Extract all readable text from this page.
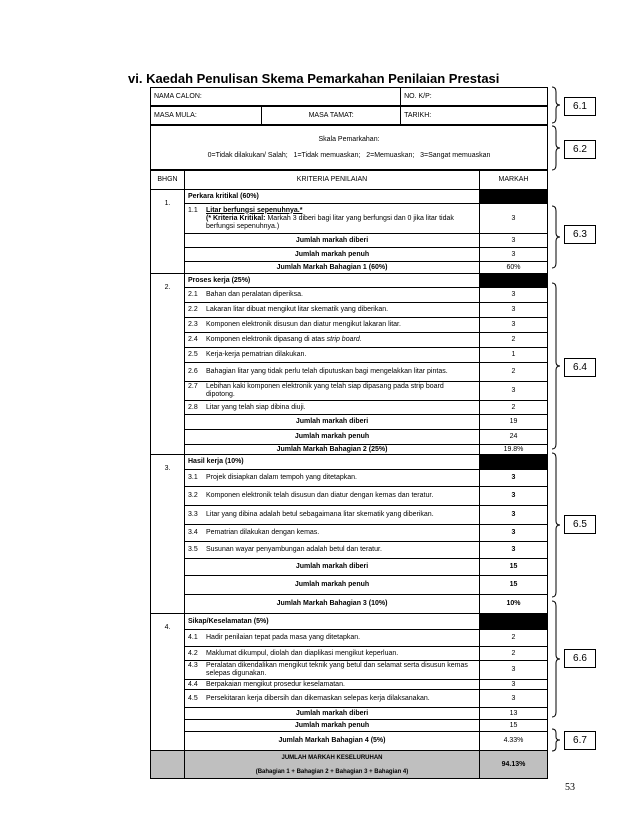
vi. Kaedah Penulisan Skema Pemarkahan Penilaian Prestasi
NAMA CALON:	NO. K/P:
MASA MULA:	MASA TAMAT:	TARIKH:
Skala Pemarkahan:
0=Tidak dilakukan/ Salah;   1=Tidak memuaskan;   2=Memuaskan;   3=Sangat memuaskan
BHGN	KRITERIA PENILAIAN	MARKAH
1.	Perkara kritikal (60%)	
	1.1 Litar berfungsi sepenuhnya.*
(* Kriteria Kritikal: Markah 3 diberi bagi litar yang berfungsi dan 0 jika litar tidak berfungsi sepenuhnya.)	3
	Jumlah markah diberi	3
	Jumlah markah penuh	3
	Jumlah Markah Bahagian 1 (60%)	60%
2.	Proses kerja (25%)	
	2.1 Bahan dan peralatan diperiksa.	3
	2.2 Lakaran litar dibuat mengikut litar skematik yang diberikan.	3
	2.3 Komponen elektronik disusun dan diatur mengikut lakaran litar.	3
	2.4 Komponen elektronik dipasang di atas strip board.	2
	2.5 Kerja-kerja pematrian dilakukan.	1
	2.6 Bahagian litar yang tidak perlu telah diputuskan bagi mengelakkan litar pintas.	2
	2.7 Lebihan kaki komponen elektronik yang telah siap dipasang pada strip board dipotong.	3
	2.8 Litar yang telah siap dibina diuji.	2
	Jumlah markah diberi	19
	Jumlah markah penuh	24
	Jumlah Markah Bahagian 2 (25%)	19.8%
3.	Hasil kerja (10%)	
	3.1 Projek disiapkan dalam tempoh yang ditetapkan.	3
	3.2 Komponen elektronik telah disusun dan diatur dengan kemas dan teratur.	3
	3.3 Litar yang dibina adalah betul sebagaimana litar skematik yang diberikan.	3
	3.4 Pematrian dilakukan dengan kemas.	3
	3.5 Susunan wayar penyambungan adalah betul dan teratur.	3
	Jumlah markah diberi	15
	Jumlah markah penuh	15
	Jumlah Markah Bahagian 3 (10%)	10%
4.	Sikap/Keselamatan (5%)	
	4.1 Hadir penilaian tepat pada masa yang ditetapkan.	2
	4.2 Maklumat dikumpul, diolah dan diaplikasi mengikut keperluan.	2
	4.3 Peralatan dikendalikan mengikut teknik yang betul dan selamat serta disusun kemas selepas digunakan.	3
	4.4 Berpakaian mengikut prosedur keselamatan.	3
	4.5 Persekitaran kerja dibersih dan dikemaskan selepas kerja dilaksanakan.	3
	Jumlah markah diberi	13
	Jumlah markah penuh	15
	Jumlah Markah Bahagian 4 (5%)	4.33%

	JUMLAH MARKAH KESELURUHAN
(Bahagian 1 + Bahagian 2 + Bahagian 3 + Bahagian 4)	94.13%
6.1
6.2
6.3
6.4
6.5
6.6
6.7
53
